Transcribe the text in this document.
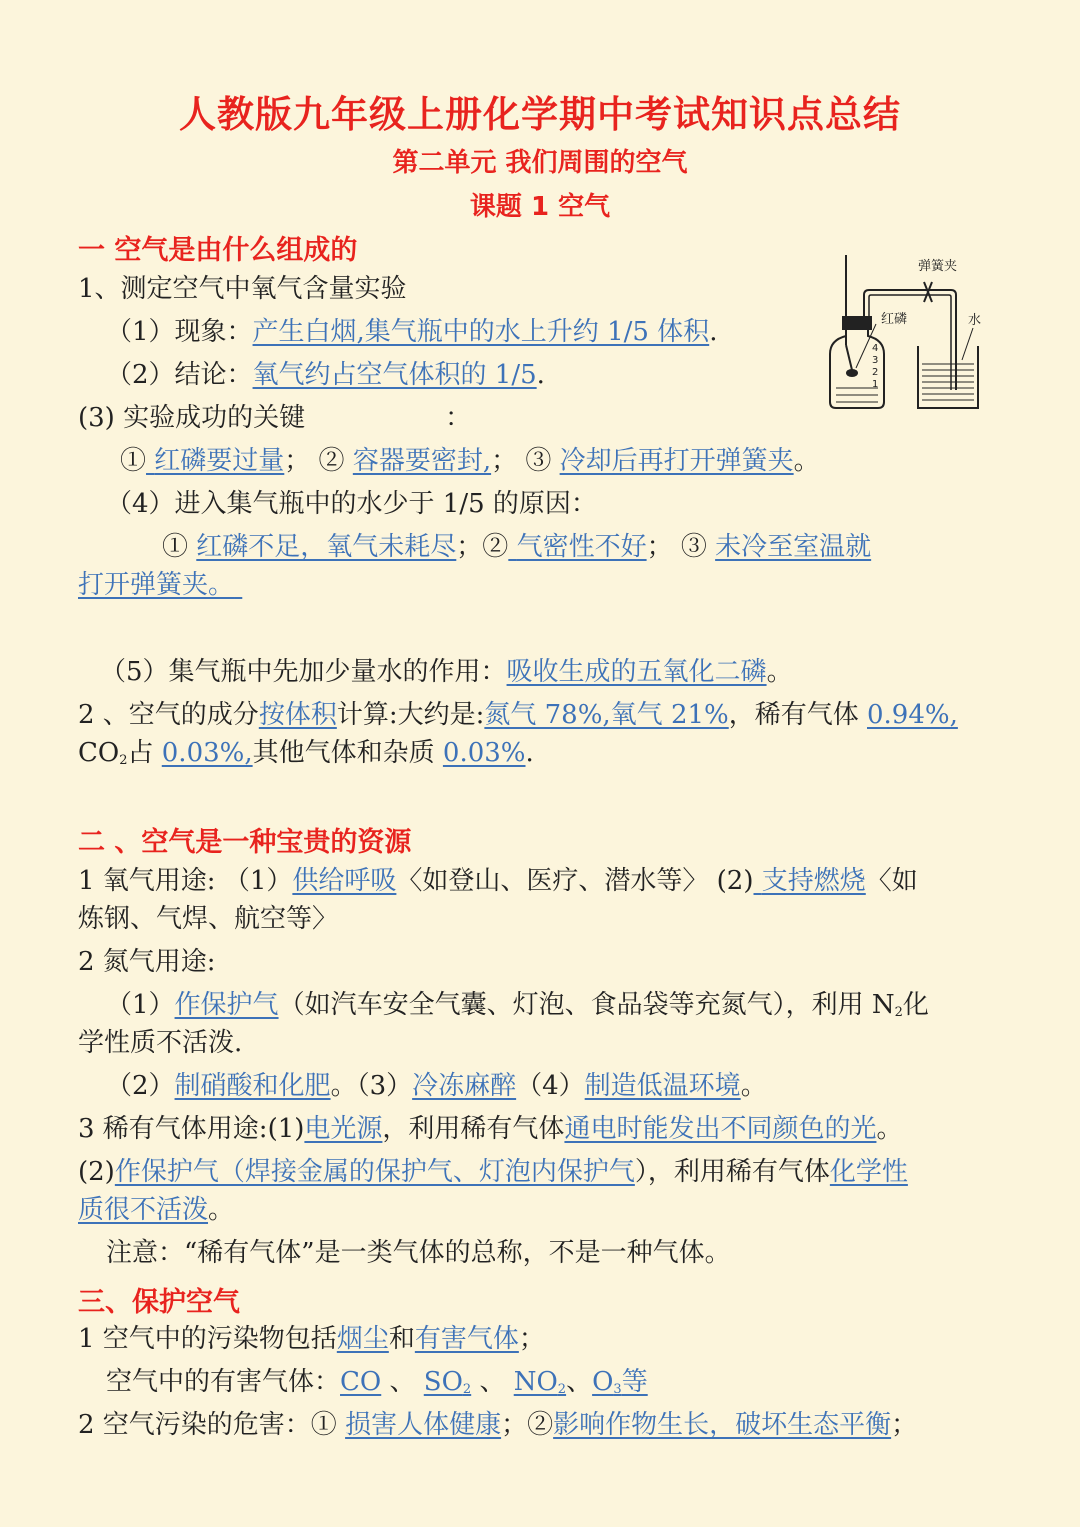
人教版九年级上册化学期中考试知识点总结
第二单元 我们周围的空气
课题 1 空气
一 空气是由什么组成的
1、测定空气中氧气含量实验
（1）现象：产生白烟,集气瓶中的水上升约 1/5 体积.
（2）结论：氧气约占空气体积的 1/5.
(3) 实验成功的关键	：
① 红磷要过量； ② 容器要密封,； ③ 冷却后再打开弹簧夹。
（4）进入集气瓶中的水少于 1/5 的原因：
① 红磷不足，氧气未耗尽；② 气密性不好； ③ 未冷至室温就
打开弹簧夹。
（5）集气瓶中先加少量水的作用：吸收生成的五氧化二磷。
2 、空气的成分按体积计算:大约是:氮气 78%,氧气 21%，稀有气体 0.94%,
$CO_2$占 0.03%,其他气体和杂质 0.03%.
弹簧夹
4
3
2
1
红磷	水
二 、空气是一种宝贵的资源
1 氧气用途: （1）供给呼吸〈如登山、医疗、潜水等〉 (2) 支持燃烧〈如
炼钢、气焊、航空等〉
2 氮气用途:
（1）作保护气（如汽车安全气囊、灯泡、食品袋等充氮气），利用 $N_2$化
学性质不活泼.
（2）制硝酸和化肥。（3）冷冻麻醉（4）制造低温环境。
3 稀有气体用途:(1)电光源，利用稀有气体通电时能发出不同颜色的光。
(2)作保护气（焊接金属的保护气、灯泡内保护气），利用稀有气体化学性
质很不活泼。
注意：“稀有气体”是一类气体的总称，不是一种气体。
三、保护空气
1 空气中的污染物包括烟尘和有害气体；
空气中的有害气体：CO 、 $SO_2$ 、 $NO_2$、$O_3$等
2 空气污染的危害：① 损害人体健康；②影响作物生长，破坏生态平衡；
